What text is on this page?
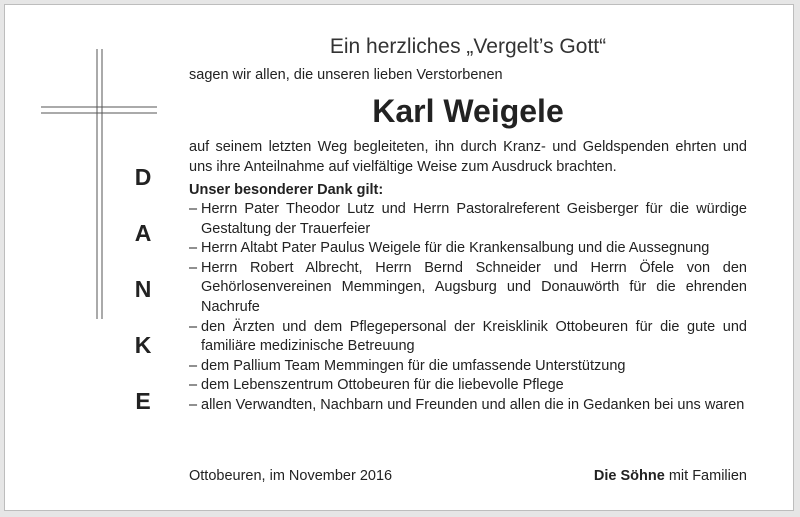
D
A
N
K
E
Ein herzliches „Vergelt’s Gott“

sagen wir allen, die unseren lieben Verstorbenen

Karl Weigele

auf seinem letzten Weg begleiteten, ihn durch Kranz- und Geldspenden ehrten und uns ihre Anteilnahme auf vielfältige Weise zum Ausdruck brachten.

Unser besonderer Dank gilt:

– Herrn Pater Theodor Lutz und Herrn Pastoralreferent Geisberger für die würdige Gestaltung der Trauerfeier
– Herrn Altabt Pater Paulus Weigele für die Krankensalbung und die Aussegnung
– Herrn Robert Albrecht, Herrn Bernd Schneider und Herrn Öfele von den Gehörlosenvereinen Memmingen, Augsburg und Donauwörth für die ehrenden Nachrufe
– den Ärzten und dem Pflegepersonal der Kreisklinik Ottobeuren für die gute und familiäre medizinische Betreuung
– dem Pallium Team Memmingen für die umfassende Unterstützung
– dem Lebenszentrum Ottobeuren für die liebevolle Pflege
– allen Verwandten, Nachbarn und Freunden und allen die in Gedanken bei uns waren
Ottobeuren, im November 2016	Die Söhne mit Familien
